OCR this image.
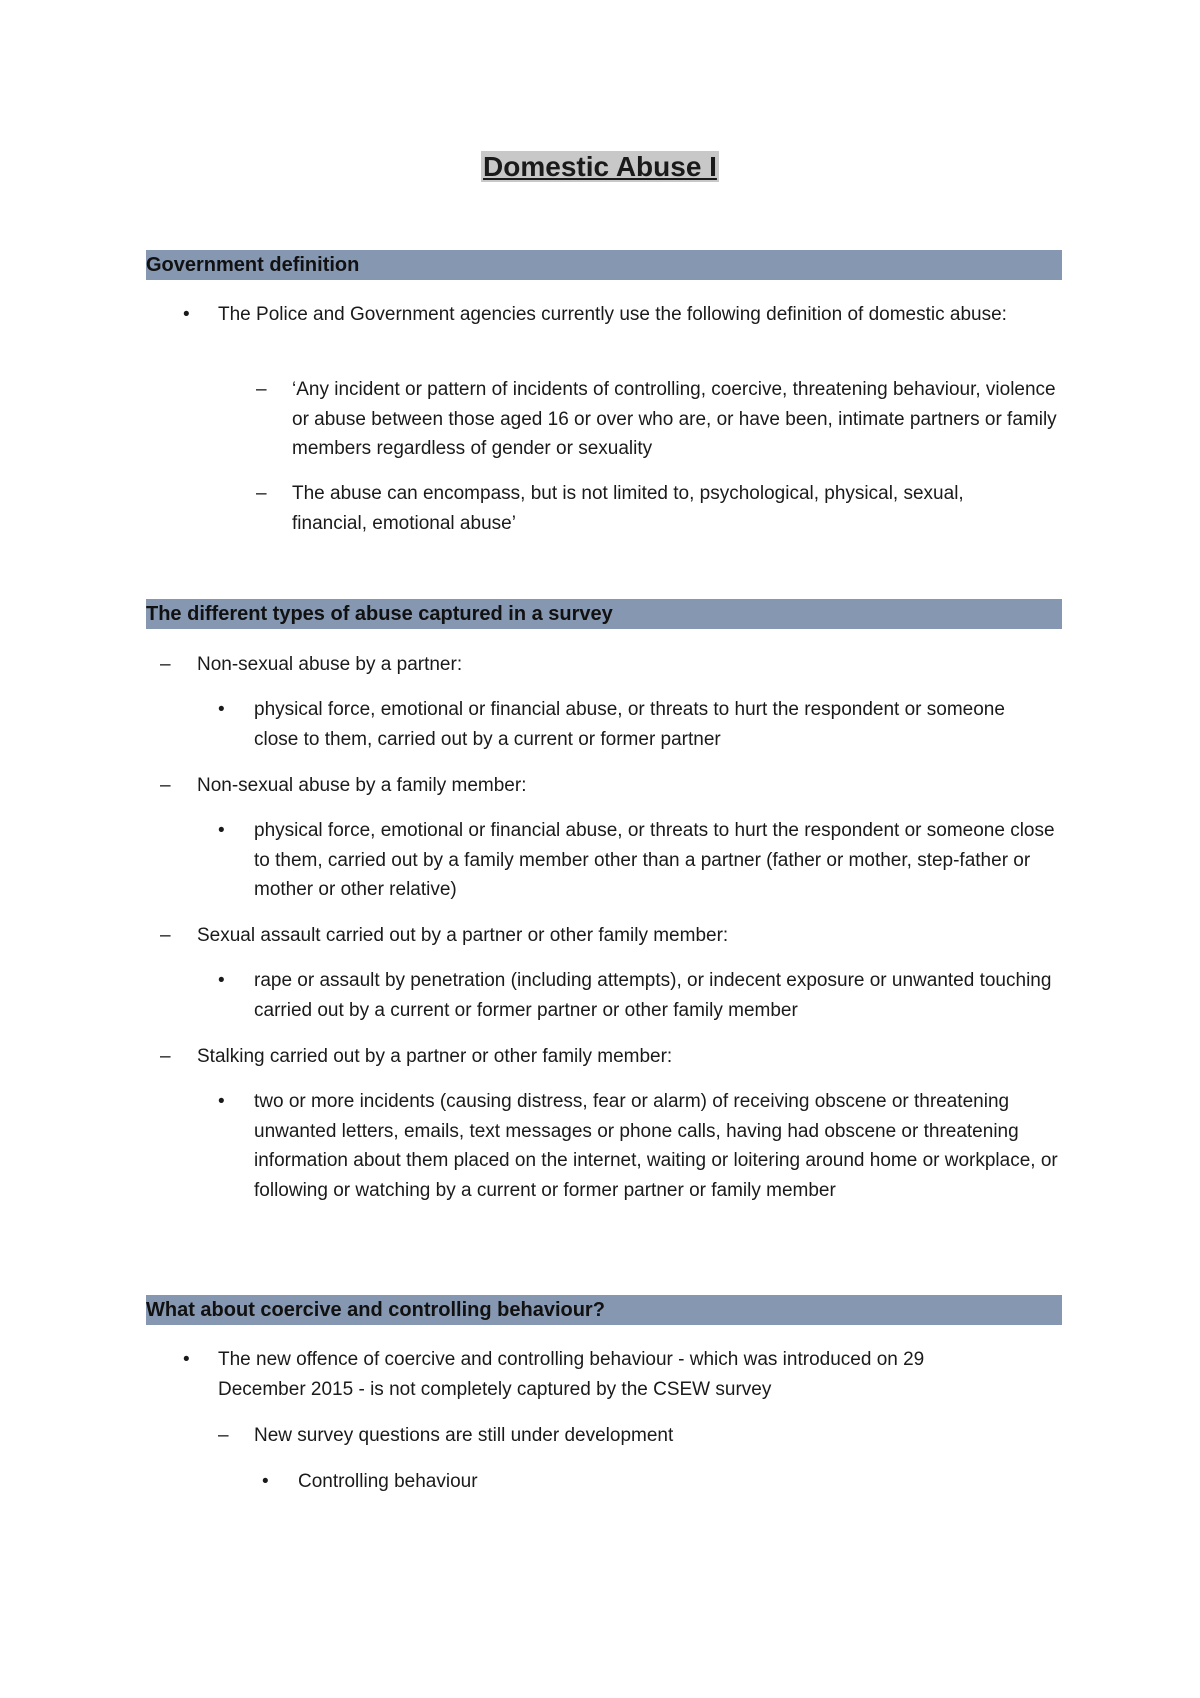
Domestic Abuse I
Government definition
• The Police and Government agencies currently use the following definition of domestic abuse:
– ‘Any incident or pattern of incidents of controlling, coercive, threatening behaviour, violence or abuse between those aged 16 or over who are, or have been, intimate partners or family members regardless of gender or sexuality
– The abuse can encompass, but is not limited to, psychological, physical, sexual, financial, emotional abuse’
The different types of abuse captured in a survey
– Non-sexual abuse by a partner:
• physical force, emotional or financial abuse, or threats to hurt the respondent or someone close to them, carried out by a current or former partner
– Non-sexual abuse by a family member:
• physical force, emotional or financial abuse, or threats to hurt the respondent or someone close to them, carried out by a family member other than a partner (father or mother, step-father or mother or other relative)
– Sexual assault carried out by a partner or other family member:
• rape or assault by penetration (including attempts), or indecent exposure or unwanted touching carried out by a current or former partner or other family member
– Stalking carried out by a partner or other family member:
• two or more incidents (causing distress, fear or alarm) of receiving obscene or threatening unwanted letters, emails, text messages or phone calls, having had obscene or threatening information about them placed on the internet, waiting or loitering around home or workplace, or following or watching by a current or former partner or family member
What about coercive and controlling behaviour?
• The new offence of coercive and controlling behaviour - which was introduced on 29 December 2015 - is not completely captured by the CSEW survey
– New survey questions are still under development
• Controlling behaviour
